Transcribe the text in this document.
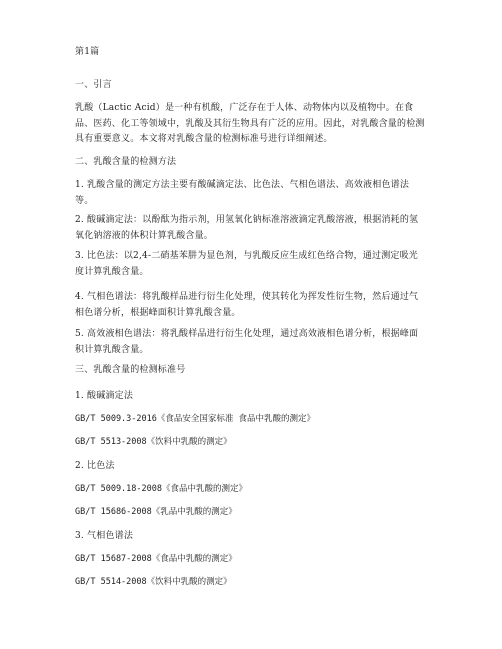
第1篇
一、引言
乳酸（Lactic Acid）是一种有机酸，广泛存在于人体、动物体内以及植物中。在食品、医药、化工等领域中，乳酸及其衍生物具有广泛的应用。因此，对乳酸含量的检测具有重要意义。本文将对乳酸含量的检测标准号进行详细阐述。
二、乳酸含量的检测方法
1. 乳酸含量的测定方法主要有酸碱滴定法、比色法、气相色谱法、高效液相色谱法等。
2. 酸碱滴定法：以酚酞为指示剂，用氢氧化钠标准溶液滴定乳酸溶液，根据消耗的氢氧化钠溶液的体积计算乳酸含量。
3. 比色法：以2,4-二硝基苯肼为显色剂，与乳酸反应生成红色络合物，通过测定吸光度计算乳酸含量。
4. 气相色谱法：将乳酸样品进行衍生化处理，使其转化为挥发性衍生物，然后通过气相色谱分析，根据峰面积计算乳酸含量。
5. 高效液相色谱法：将乳酸样品进行衍生化处理，通过高效液相色谱分析，根据峰面积计算乳酸含量。
三、乳酸含量的检测标准号
1. 酸碱滴定法
GB/T 5009.3-2016《食品安全国家标准 食品中乳酸的测定》
GB/T 5513-2008《饮料中乳酸的测定》
2. 比色法
GB/T 5009.18-2008《食品中乳酸的测定》
GB/T 15686-2008《乳品中乳酸的测定》
3. 气相色谱法
GB/T 15687-2008《食品中乳酸的测定》
GB/T 5514-2008《饮料中乳酸的测定》
